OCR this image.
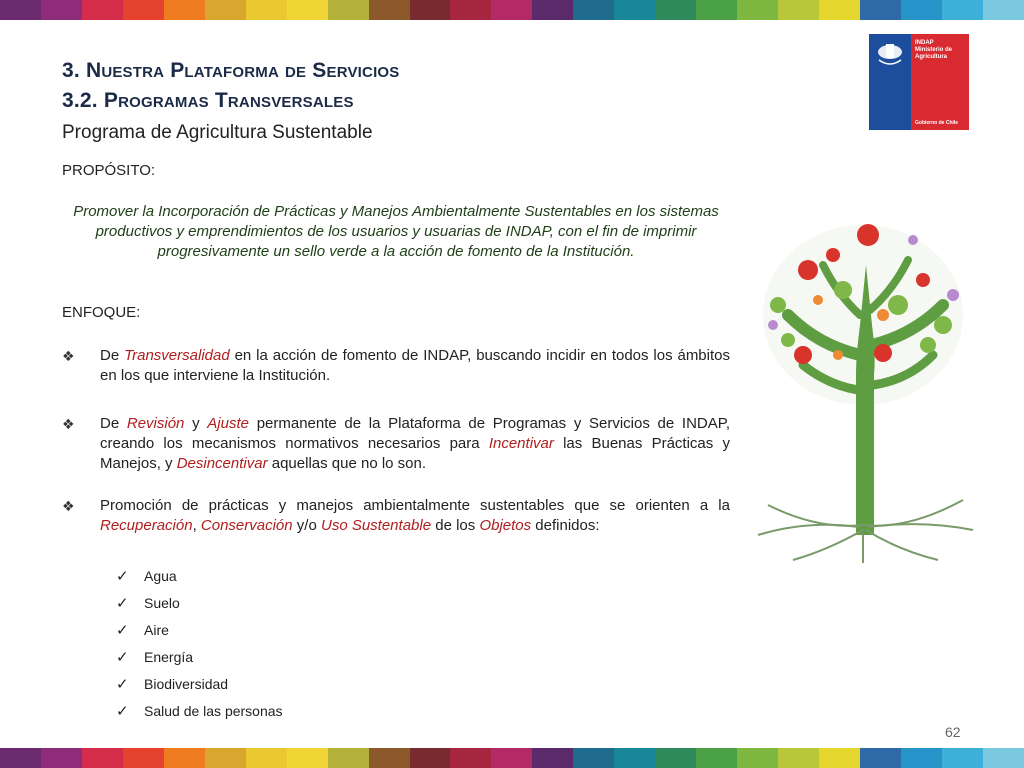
3. Nuestra Plataforma de Servicios
3.2. Programas Transversales
Programa de Agricultura Sustentable
INDAP
Ministerio de
Agricultura
Gobierno de Chile
PROPÓSITO:
Promover la Incorporación de Prácticas y Manejos Ambientalmente Sustentables en los sistemas productivos y emprendimientos de los usuarios y usuarias de INDAP, con el fin de imprimir progresivamente un sello verde a la acción de fomento de la Institución.
ENFOQUE:
❖	De Transversalidad en la acción de fomento de INDAP, buscando incidir en todos los ámbitos en los que interviene la Institución.
❖	De Revisión y Ajuste permanente de la Plataforma de Programas y Servicios de INDAP, creando los mecanismos normativos necesarios para Incentivar las Buenas Prácticas y Manejos, y Desincentivar aquellas que no lo son.
❖	Promoción de prácticas y manejos ambientalmente sustentables que se orienten a la Recuperación, Conservación y/o Uso Sustentable de los Objetos definidos:
✓	Agua
✓	Suelo
✓	Aire
✓	Energía
✓	Biodiversidad
✓	Salud de las personas
62
